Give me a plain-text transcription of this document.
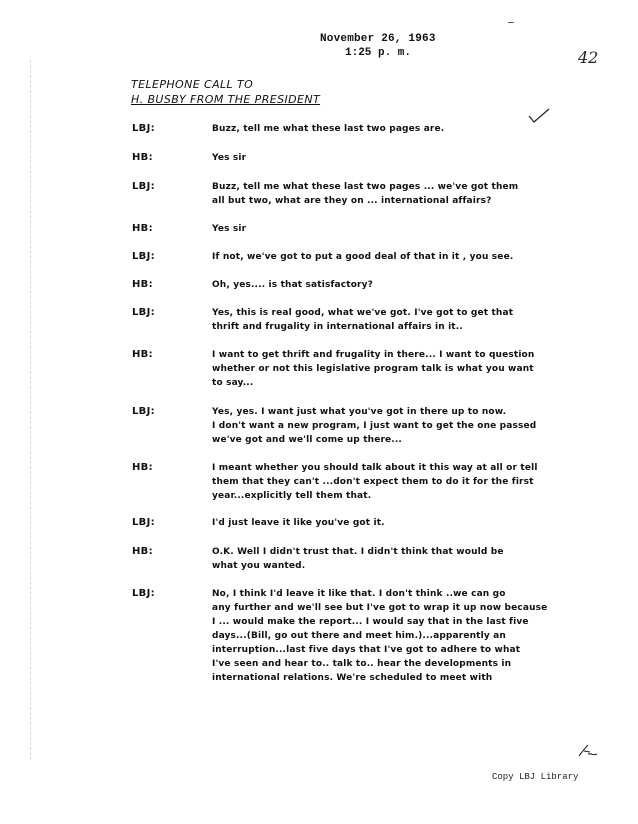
November 26, 1963
1:25 p. m.	42
TELEPHONE CALL TO
H. BUSBY FROM THE PRESIDENT
LBJ:	Buzz, tell me what these last two pages are.
HB:	Yes sir
LBJ:	Buzz, tell me what these last two pages ... we've got them
all but two, what are they on ... international affairs?
HB:	Yes sir
LBJ:	If not, we've got to put a good deal of that in it , you see.
HB:	Oh, yes.... is that satisfactory?
LBJ:	Yes, this is real good, what we've got. I've got to get that
thrift and frugality in international affairs in it..
HB:	I want to get thrift and frugality in there... I want to question
whether or not this legislative program talk is what you want
to say...
LBJ:	Yes, yes. I want just what you've got in there up to now.
I don't want a new program, I just want to get the one passed
we've got and we'll come up there...
HB:	I meant whether you should talk about it this way at all or tell
them that they can't ...don't expect them to do it for the first
year...explicitly tell them that.
LBJ:	I'd just leave it like you've got it.
HB:	O.K. Well I didn't trust that. I didn't think that would be
what you wanted.
LBJ:	No, I think I'd leave it like that. I don't think ..we can go
any further and we'll see but I've got to wrap it up now because
I ... would make the report... I would say that in the last five
days...(Bill, go out there and meet him.)...apparently an
interruption...last five days that I've got to adhere to what
I've seen and hear to.. talk to.. hear the developments in
international relations. We're scheduled to meet with
Copy LBJ Library
